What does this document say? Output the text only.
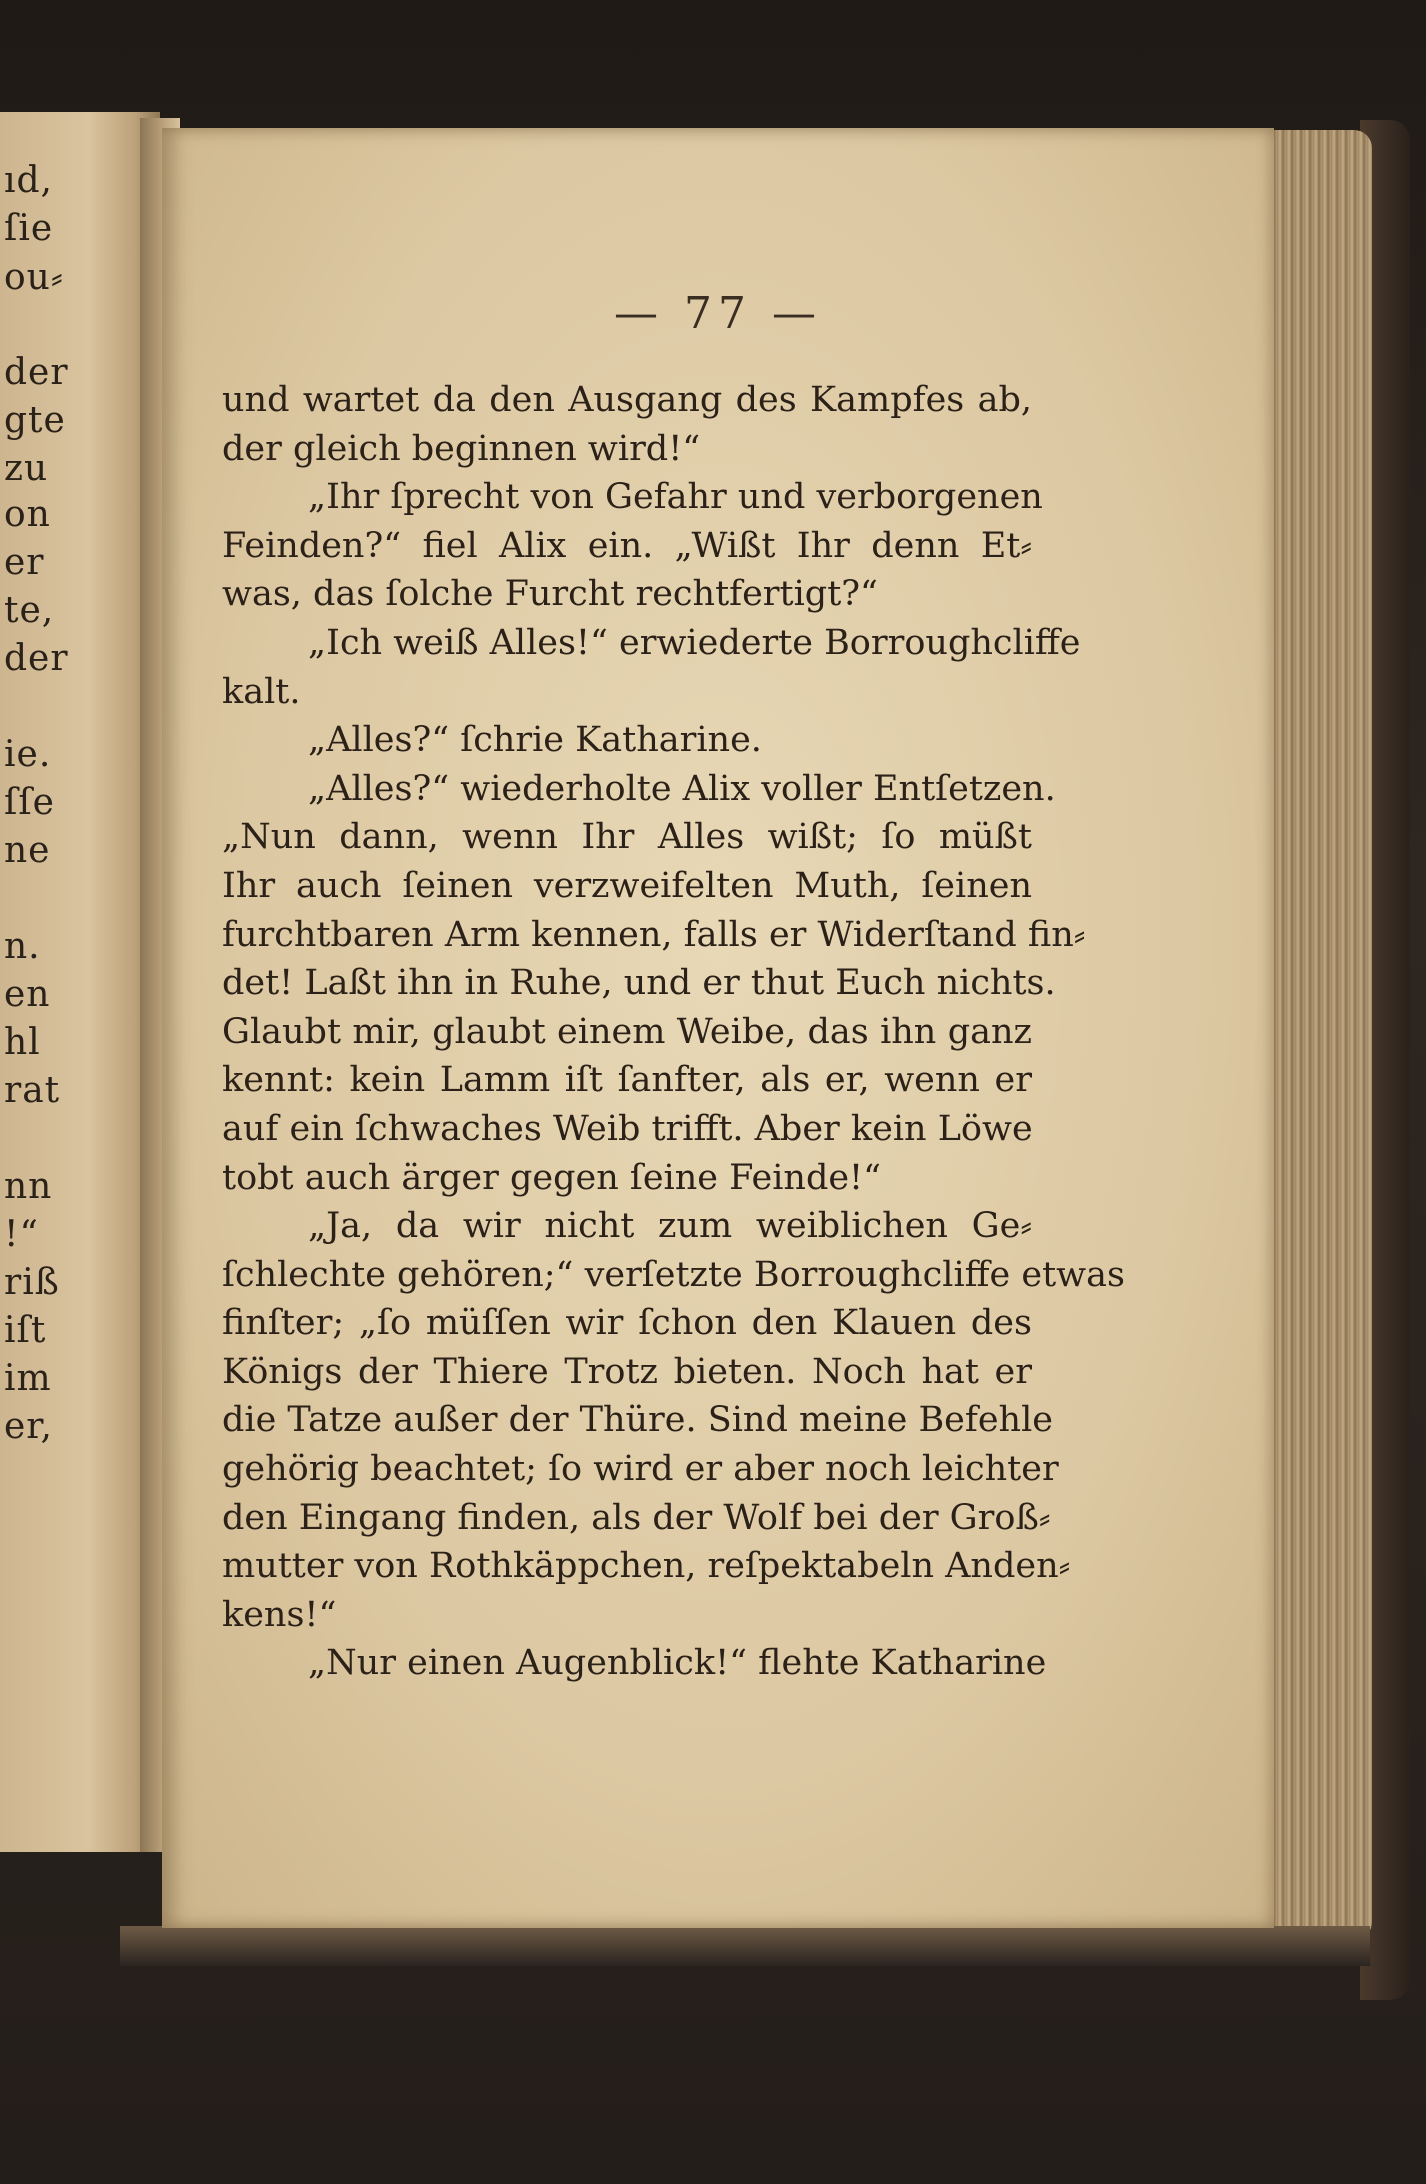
ıd,
ſie
ou⸗
der
gte
zu
on
er
te,
der
ie.
ſſe
ne
n.
en
hl
rat
nn
!“
riß
iſt
im
er,
— 77 —
und wartet da den Ausgang des Kampfes ab,
der gleich beginnen wird!“
„Ihr ſprecht von Gefahr und verborgenen
Feinden?“ fiel Alix ein. „Wißt Ihr denn Et⸗
was, das ſolche Furcht rechtfertigt?“
„Ich weiß Alles!“ erwiederte Borroughcliffe
kalt.
„Alles?“ ſchrie Katharine.
„Alles?“ wiederholte Alix voller Entſetzen.
„Nun dann, wenn Ihr Alles wißt; ſo müßt
Ihr auch ſeinen verzweifelten Muth, ſeinen
furchtbaren Arm kennen, falls er Widerſtand fin⸗
det! Laßt ihn in Ruhe, und er thut Euch nichts.
Glaubt mir, glaubt einem Weibe, das ihn ganz
kennt: kein Lamm iſt ſanfter, als er, wenn er
auf ein ſchwaches Weib trifft. Aber kein Löwe
tobt auch ärger gegen ſeine Feinde!“
„Ja, da wir nicht zum weiblichen Ge⸗
ſchlechte gehören;“ verſetzte Borroughcliffe etwas
finſter; „ſo müſſen wir ſchon den Klauen des
Königs der Thiere Trotz bieten. Noch hat er
die Tatze außer der Thüre. Sind meine Befehle
gehörig beachtet; ſo wird er aber noch leichter
den Eingang finden, als der Wolf bei der Groß⸗
mutter von Rothkäppchen, reſpektabeln Anden⸗
kens!“
„Nur einen Augenblick!“ flehte Katharine
